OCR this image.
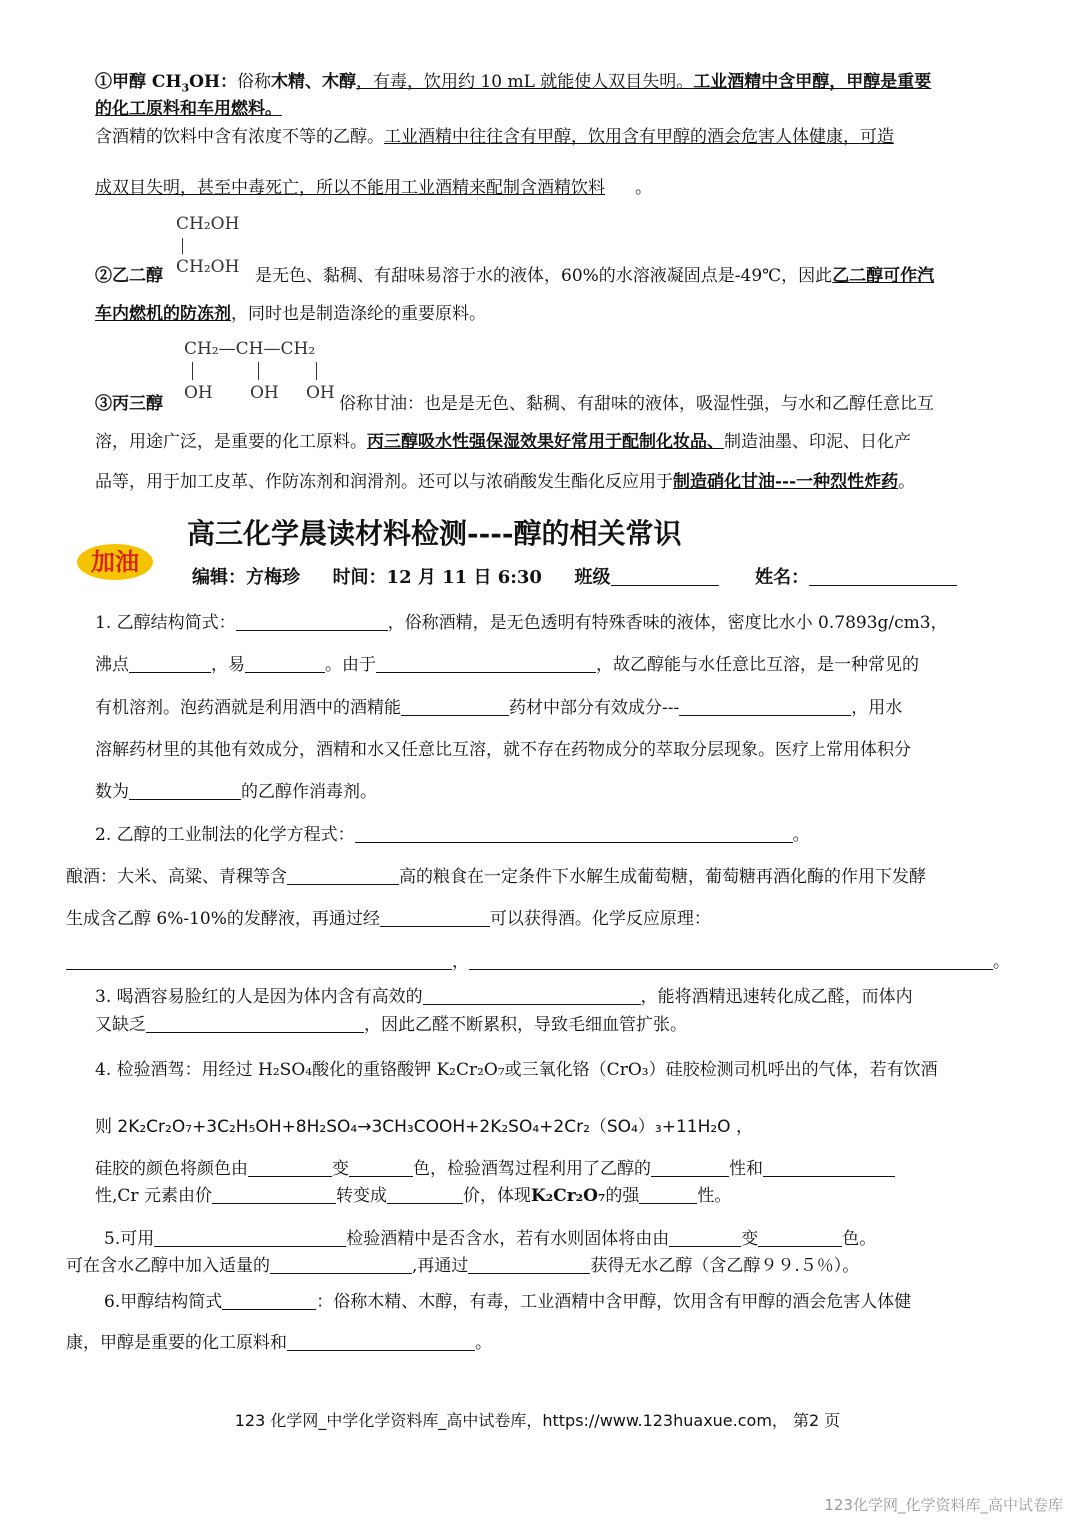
①甲醇 $CH_3OH$：俗称木精、木醇，有毒，饮用约 10 mL 就能使人双目失明。工业酒精中含甲醇，甲醇是重要
的化工原料和车用燃料。
含酒精的饮料中含有浓度不等的乙醇。工业酒精中往往含有甲醇，饮用含有甲醇的酒会危害人体健康，可造
成双目失明，甚至中毒死亡，所以不能用工业酒精来配制含酒精饮料 。
CH₂OH
CH₂OH
②乙二醇	是无色、黏稠、有甜味易溶于水的液体，60%的水溶液凝固点是-49℃，因此乙二醇可作汽
车内燃机的防冻剂，同时也是制造涤纶的重要原料。
CH₂—CH—CH₂
OH OH OH
③丙三醇	俗称甘油：也是是无色、黏稠、有甜味的液体，吸湿性强，与水和乙醇任意比互
溶，用途广泛，是重要的化工原料。丙三醇吸水性强保湿效果好常用于配制化妆品、制造油墨、印泥、日化产
品等，用于加工皮革、作防冻剂和润滑剂。还可以与浓硝酸发生酯化反应用于制造硝化甘油---一种烈性炸药。
高三化学晨读材料检测----醇的相关常识
加油
编辑：方梅珍 时间：12 月 11 日 6:30 班级	姓名：
1. 乙醇结构简式：	，俗称酒精，是无色透明有特殊香味的液体，密度比水小 0.7893g/cm3，
沸点	，易	。由于	，故乙醇能与水任意比互溶，是一种常见的
有机溶剂。泡药酒就是利用酒中的酒精能	药材中部分有效成分---	，用水
溶解药材里的其他有效成分，酒精和水又任意比互溶，就不存在药物成分的萃取分层现象。医疗上常用体积分
数为	的乙醇作消毒剂。
2. 乙醇的工业制法的化学方程式：	。
酿酒：大米、高粱、青稞等含	高的粮食在一定条件下水解生成葡萄糖，葡萄糖再酒化酶的作用下发酵
生成含乙醇 6%-10%的发酵液，再通过经	可以获得酒。化学反应原理：
，	。
3. 喝酒容易脸红的人是因为体内含有高效的	，能将酒精迅速转化成乙醛，而体内
又缺乏	，因此乙醛不断累积，导致毛细血管扩张。
4. 检验酒驾：用经过 H₂SO₄酸化的重铬酸钾 K₂Cr₂O₇或三氧化铬（CrO₃）硅胶检测司机呼出的气体，若有饮酒
则 2K₂Cr₂O₇+3C₂H₅OH+8H₂SO₄→3CH₃COOH+2K₂SO₄+2Cr₂（SO₄）₃+11H₂O ，
硅胶的颜色将颜色由	变	色，检验酒驾过程利用了乙醇的	性和
性,Cr 元素由价	转变成	价，体现K₂Cr₂O₇的强	性。
5.可用	检验酒精中是否含水，若有水则固体将由由	变	色。
可在含水乙醇中加入适量的	,再通过	获得无水乙醇（含乙醇９９.５％）。
6.甲醇结构简式	：俗称木精、木醇，有毒，工业酒精中含甲醇，饮用含有甲醇的酒会危害人体健
康，甲醇是重要的化工原料和	。
123 化学网_中学化学资料库_高中试卷库，https://www.123huaxue.com， 第2 页
123化学网_化学资料库_高中试卷库
